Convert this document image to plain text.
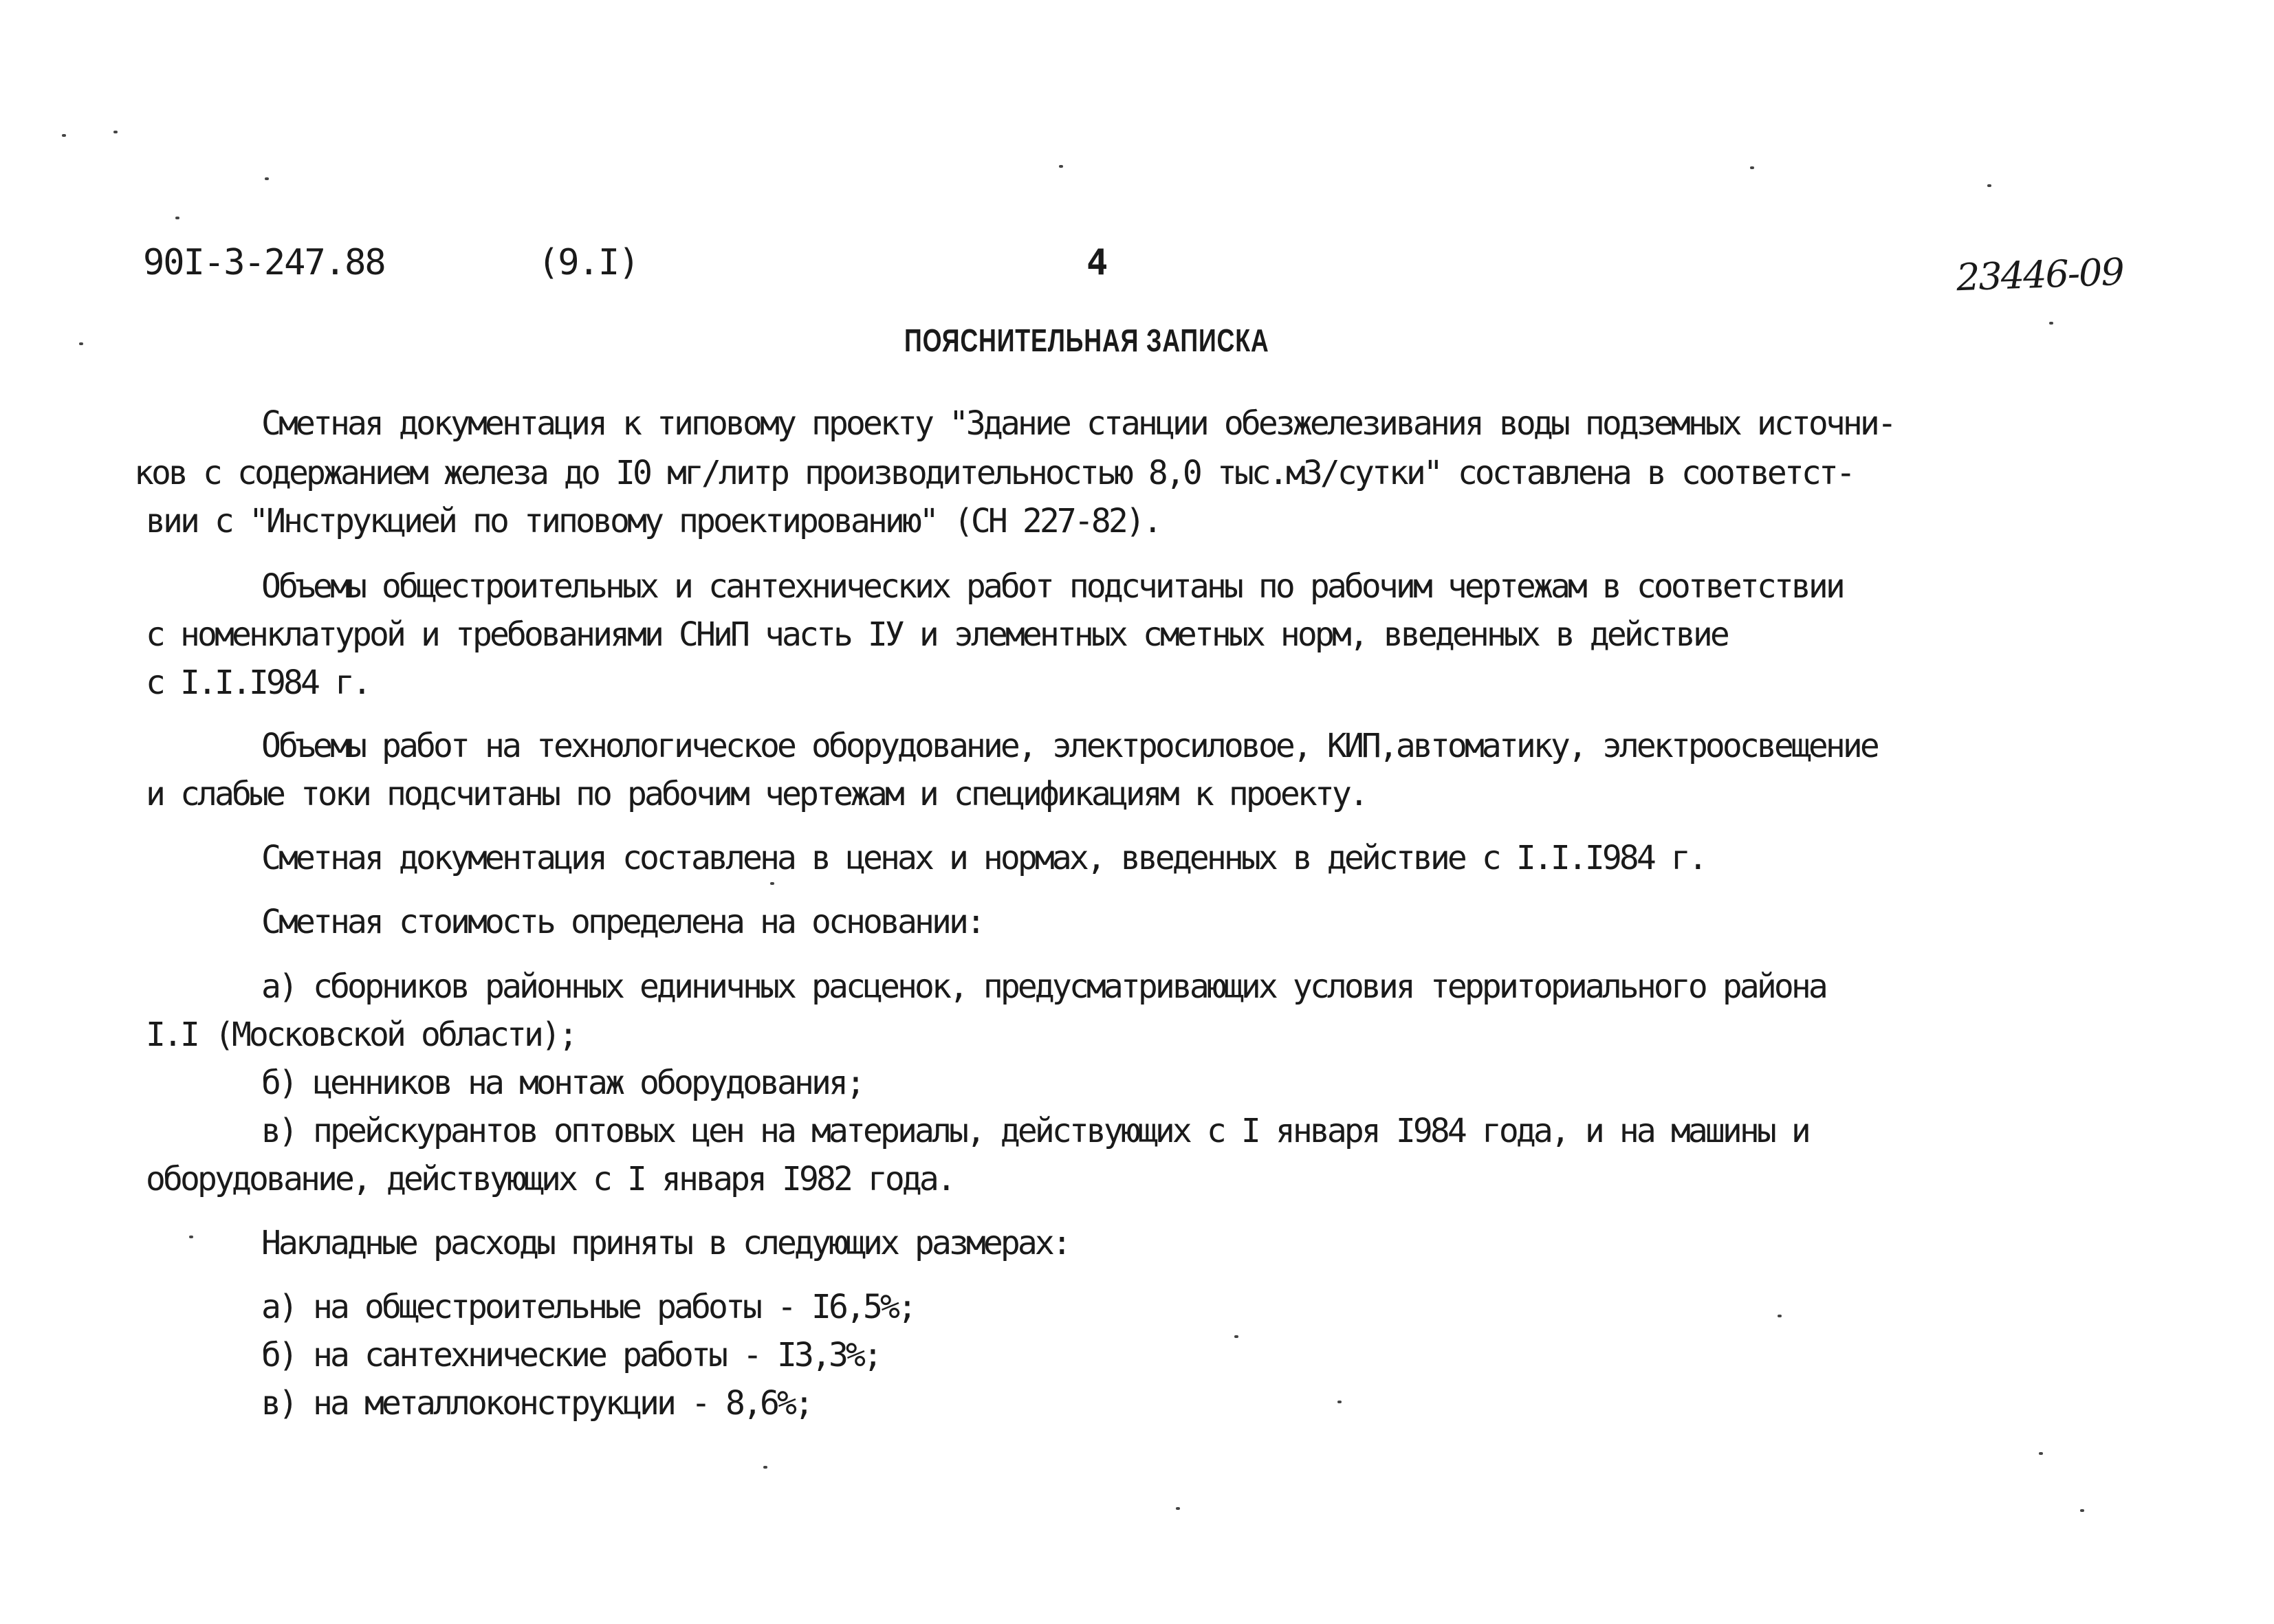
90I-3-247.88	(9.I)	4	23446-09
ПОЯСНИТЕЛЬНАЯ ЗАПИСКА
Сметная документация к типовому проекту "Здание станции обезжелезивания воды подземных источни-
ков с содержанием железа до I0 мг/литр производительностью 8,0 тыс.м3/сутки" составлена в соответст-
вии с "Инструкцией по типовому проектированию" (СН 227-82).
Объемы общестроительных и сантехнических работ подсчитаны по рабочим чертежам в соответствии
с номенклатурой и требованиями СНиП часть IУ и элементных сметных норм, введенных в действие
с I.I.I984 г.
Объемы работ на технологическое оборудование, электросиловое, КИП,автоматику, электроосвещение
и слабые токи подсчитаны по рабочим чертежам и спецификациям к проекту.
Сметная документация составлена в ценах и нормах, введенных в действие с I.I.I984 г.
Сметная стоимость определена на основании:
а) сборников районных единичных расценок, предусматривающих условия территориального района
I.I (Московской области);
б) ценников на монтаж оборудования;
в) прейскурантов оптовых цен на материалы, действующих с I января I984 года, и на машины и
оборудование, действующих с I января I982 года.
Накладные расходы приняты в следующих размерах:
а) на общестроительные работы - I6,5%;
б) на сантехнические работы - I3,3%;
в) на металлоконструкции - 8,6%;
